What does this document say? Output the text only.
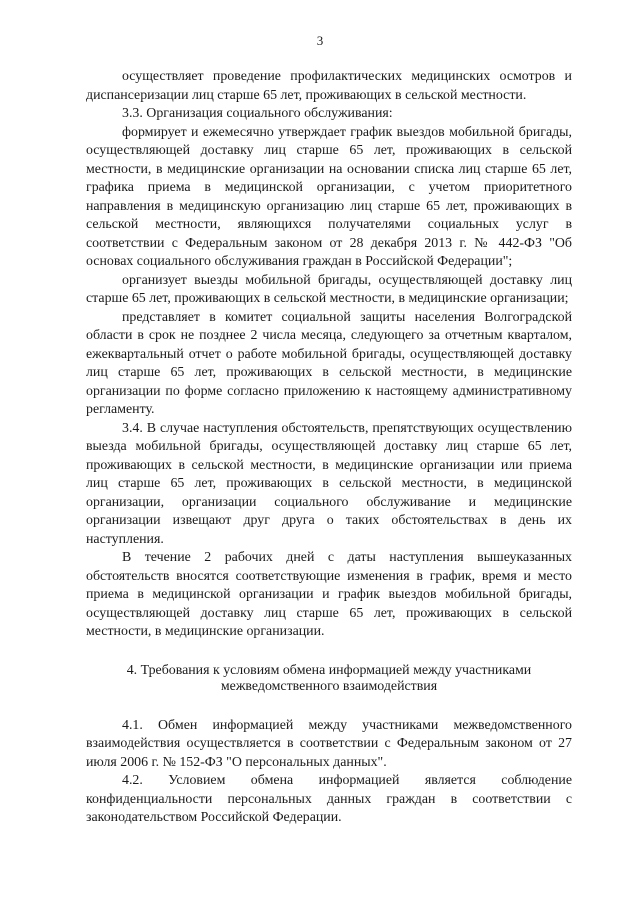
3

осуществляет проведение профилактических медицинских осмотров и диспансеризации лиц старше 65 лет, проживающих в сельской местности.

3.3. Организация социального обслуживания:

формирует и ежемесячно утверждает график выездов мобильной бригады, осуществляющей доставку лиц старше 65 лет, проживающих в сельской местности, в медицинские организации на основании списка лиц старше 65 лет, графика приема в медицинской организации, с учетом приоритетного направления в медицинскую организацию лиц старше 65 лет, проживающих в сельской местности, являющихся получателями социальных услуг в соответствии с Федеральным законом от 28 декабря 2013 г. № 442-ФЗ "Об основах социального обслуживания граждан в Российской Федерации";

организует выезды мобильной бригады, осуществляющей доставку лиц старше 65 лет, проживающих в сельской местности, в медицинские организации;

представляет в комитет социальной защиты населения Волгоградской области в срок не позднее 2 числа месяца, следующего за отчетным кварталом, ежеквартальный отчет о работе мобильной бригады, осуществляющей доставку лиц старше 65 лет, проживающих в сельской местности, в медицинские организации по форме согласно приложению к настоящему административному регламенту.

3.4. В случае наступления обстоятельств, препятствующих осуществлению выезда мобильной бригады, осуществляющей доставку лиц старше 65 лет, проживающих в сельской местности, в медицинские организации или приема лиц старше 65 лет, проживающих в сельской местности, в медицинской организации, организации социального обслуживание и медицинские организации извещают друг друга о таких обстоятельствах в день их наступления.

В течение 2 рабочих дней с даты наступления вышеуказанных обстоятельств вносятся соответствующие изменения в график, время и место приема в медицинской организации и график выездов мобильной бригады, осуществляющей доставку лиц старше 65 лет, проживающих в сельской местности, в медицинские организации.

4. Требования к условиям обмена информацией между участниками
межведомственного взаимодействия

4.1. Обмен информацией между участниками межведомственного взаимодействия осуществляется в соответствии с Федеральным законом от 27 июля 2006 г. № 152-ФЗ "О персональных данных".

4.2. Условием обмена информацией является соблюдение конфиденциальности персональных данных граждан в соответствии с законодательством Российской Федерации.
